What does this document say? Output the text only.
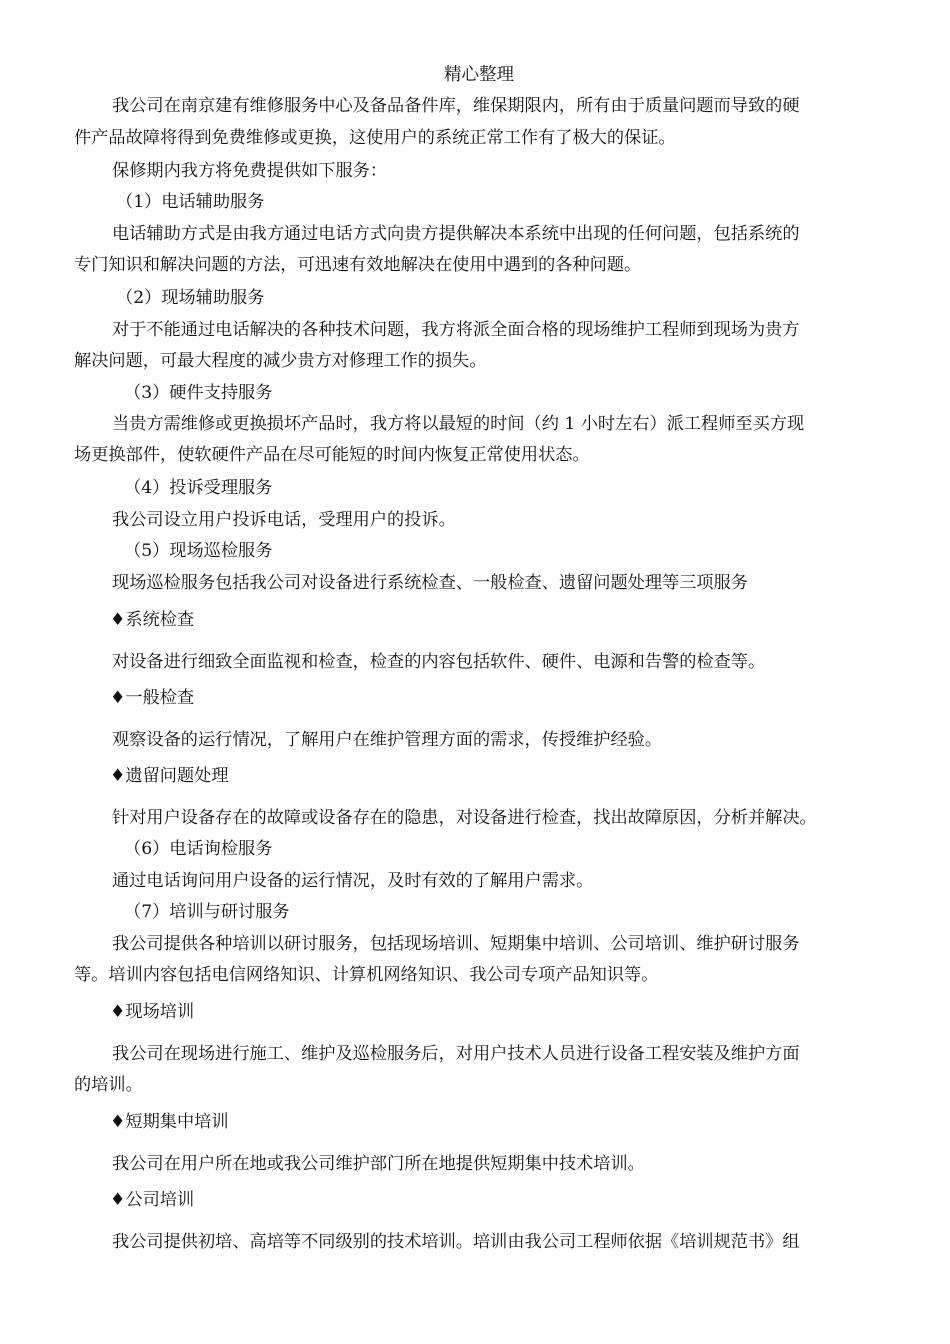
精心整理
我公司在南京建有维修服务中心及备品备件库，维保期限内，所有由于质量问题而导致的硬
件产品故障将得到免费维修或更换，这使用户的系统正常工作有了极大的保证。
保修期内我方将免费提供如下服务：
（1）电话辅助服务
电话辅助方式是由我方通过电话方式向贵方提供解决本系统中出现的任何问题，包括系统的
专门知识和解决问题的方法，可迅速有效地解决在使用中遇到的各种问题。
（2）现场辅助服务
对于不能通过电话解决的各种技术问题，我方将派全面合格的现场维护工程师到现场为贵方
解决问题，可最大程度的减少贵方对修理工作的损失。
（3）硬件支持服务
当贵方需维修或更换损坏产品时，我方将以最短的时间（约 1 小时左右）派工程师至买方现
场更换部件，使软硬件产品在尽可能短的时间内恢复正常使用状态。
（4）投诉受理服务
我公司设立用户投诉电话，受理用户的投诉。
（5）现场巡检服务
现场巡检服务包括我公司对设备进行系统检查、一般检查、遗留问题处理等三项服务
♦系统检查
对设备进行细致全面监视和检查，检查的内容包括软件、硬件、电源和告警的检查等。
♦一般检查
观察设备的运行情况，了解用户在维护管理方面的需求，传授维护经验。
♦遗留问题处理
针对用户设备存在的故障或设备存在的隐患，对设备进行检查，找出故障原因，分析并解决。
（6）电话询检服务
通过电话询问用户设备的运行情况，及时有效的了解用户需求。
（7）培训与研讨服务
我公司提供各种培训以研讨服务，包括现场培训、短期集中培训、公司培训、维护研讨服务
等。培训内容包括电信网络知识、计算机网络知识、我公司专项产品知识等。
♦现场培训
我公司在现场进行施工、维护及巡检服务后，对用户技术人员进行设备工程安装及维护方面
的培训。
♦短期集中培训
我公司在用户所在地或我公司维护部门所在地提供短期集中技术培训。
♦公司培训
我公司提供初培、高培等不同级别的技术培训。培训由我公司工程师依据《培训规范书》组
